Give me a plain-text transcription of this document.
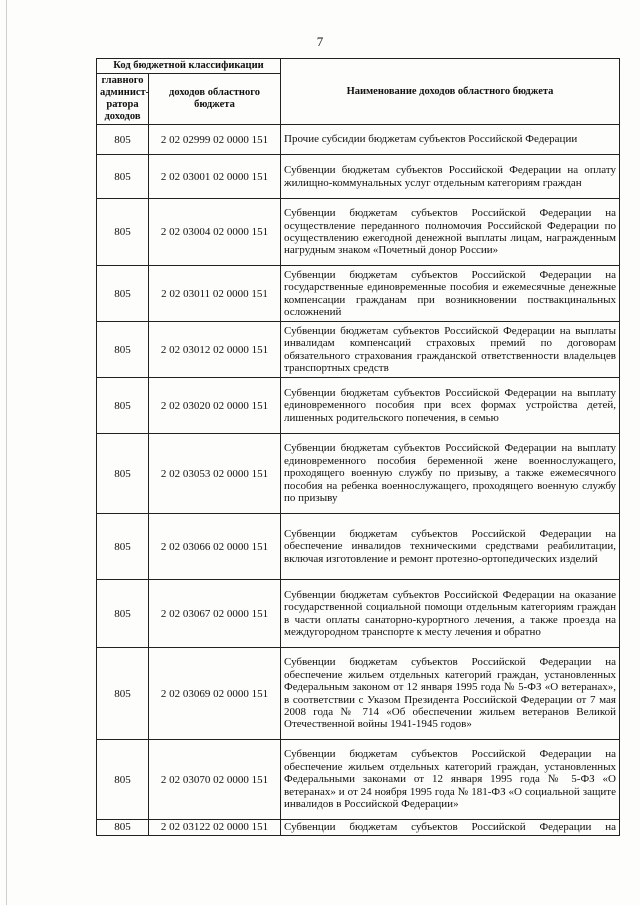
7
Код бюджетной классификации		Наименование доходов областного бюджета
главного админист-ратора доходов	доходов областного бюджета	
805	2 02 02999 02 0000 151	Прочие субсидии бюджетам субъектов Российской Федерации
805	2 02 03001 02 0000 151	Субвенции бюджетам субъектов Российской Федерации на оплату жилищно-коммунальных услуг отдельным категориям граждан
805	2 02 03004 02 0000 151	Субвенции бюджетам субъектов Российской Федерации на осуществление переданного полномочия Российской Федерации по осуществлению ежегодной денежной выплаты лицам, награжденным нагрудным знаком «Почетный донор России»
805	2 02 03011 02 0000 151	Субвенции бюджетам субъектов Российской Федерации на государственные единовременные пособия и ежемесячные денежные компенсации гражданам при возникновении поствакцинальных осложнений
805	2 02 03012 02 0000 151	Субвенции бюджетам субъектов Российской Федерации на выплаты инвалидам компенсаций страховых премий по договорам обязательного страхования гражданской ответственности владельцев транспортных средств
805	2 02 03020 02 0000 151	Субвенции бюджетам субъектов Российской Федерации на выплату единовременного пособия при всех формах устройства детей, лишенных родительского попечения, в семью
805	2 02 03053 02 0000 151	Субвенции бюджетам субъектов Российской Федерации на выплату единовременного пособия беременной жене военнослужащего, проходящего военную службу по призыву, а также ежемесячного пособия на ребенка военнослужащего, проходящего военную службу по призыву
805	2 02 03066 02 0000 151	Субвенции бюджетам субъектов Российской Федерации на обеспечение инвалидов техническими средствами реабилитации, включая изготовление и ремонт протезно-ортопедических изделий
805	2 02 03067 02 0000 151	Субвенции бюджетам субъектов Российской Федерации на оказание государственной социальной помощи отдельным категориям граждан в части оплаты санаторно-курортного лечения, а также проезда на междугородном транспорте к месту лечения и обратно
805	2 02 03069 02 0000 151	Субвенции бюджетам субъектов Российской Федерации на обеспечение жильем отдельных категорий граждан, установленных Федеральным законом от 12 января 1995 года № 5-ФЗ «О ветеранах», в соответствии с Указом Президента Российской Федерации от 7 мая 2008 года № 714 «Об обеспечении жильем ветеранов Великой Отечественной войны 1941-1945 годов»
805	2 02 03070 02 0000 151	Субвенции бюджетам субъектов Российской Федерации на обеспечение жильем отдельных категорий граждан, установленных Федеральными законами от 12 января 1995 года № 5-ФЗ «О ветеранах» и от 24 ноября 1995 года № 181-ФЗ «О социальной защите инвалидов в Российской Федерации»
805	2 02 03122 02 0000 151	Субвенции бюджетам субъектов Российской Федерации на
